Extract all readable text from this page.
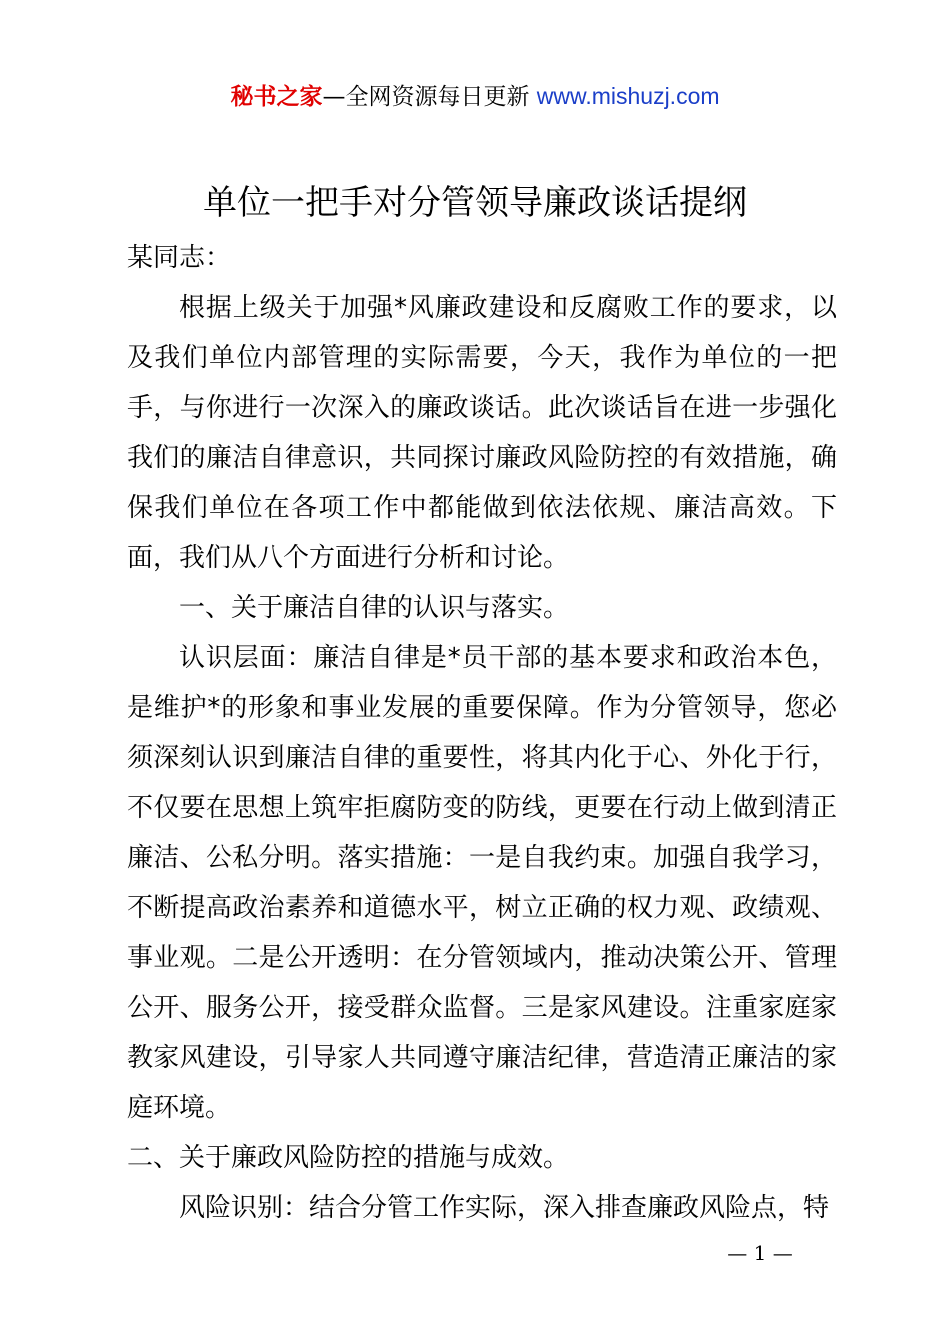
秘书之家—全网资源每日更新 www.mishuzj.com
单位一把手对分管领导廉政谈话提纲

某同志：

根据上级关于加强*风廉政建设和反腐败工作的要求，以及我们单位内部管理的实际需要，今天，我作为单位的一把手，与你进行一次深入的廉政谈话。此次谈话旨在进一步强化我们的廉洁自律意识，共同探讨廉政风险防控的有效措施，确保我们单位在各项工作中都能做到依法依规、廉洁高效。下面，我们从八个方面进行分析和讨论。

一、关于廉洁自律的认识与落实。

认识层面：廉洁自律是*员干部的基本要求和政治本色，是维护*的形象和事业发展的重要保障。作为分管领导，您必须深刻认识到廉洁自律的重要性，将其内化于心、外化于行，不仅要在思想上筑牢拒腐防变的防线，更要在行动上做到清正廉洁、公私分明。落实措施：一是自我约束。加强自我学习，不断提高政治素养和道德水平，树立正确的权力观、政绩观、事业观。二是公开透明：在分管领域内，推动决策公开、管理公开、服务公开，接受群众监督。三是家风建设。注重家庭家教家风建设，引导家人共同遵守廉洁纪律，营造清正廉洁的家庭环境。

二、关于廉政风险防控的措施与成效。

风险识别：结合分管工作实际，深入排查廉政风险点，特

— 1 —
